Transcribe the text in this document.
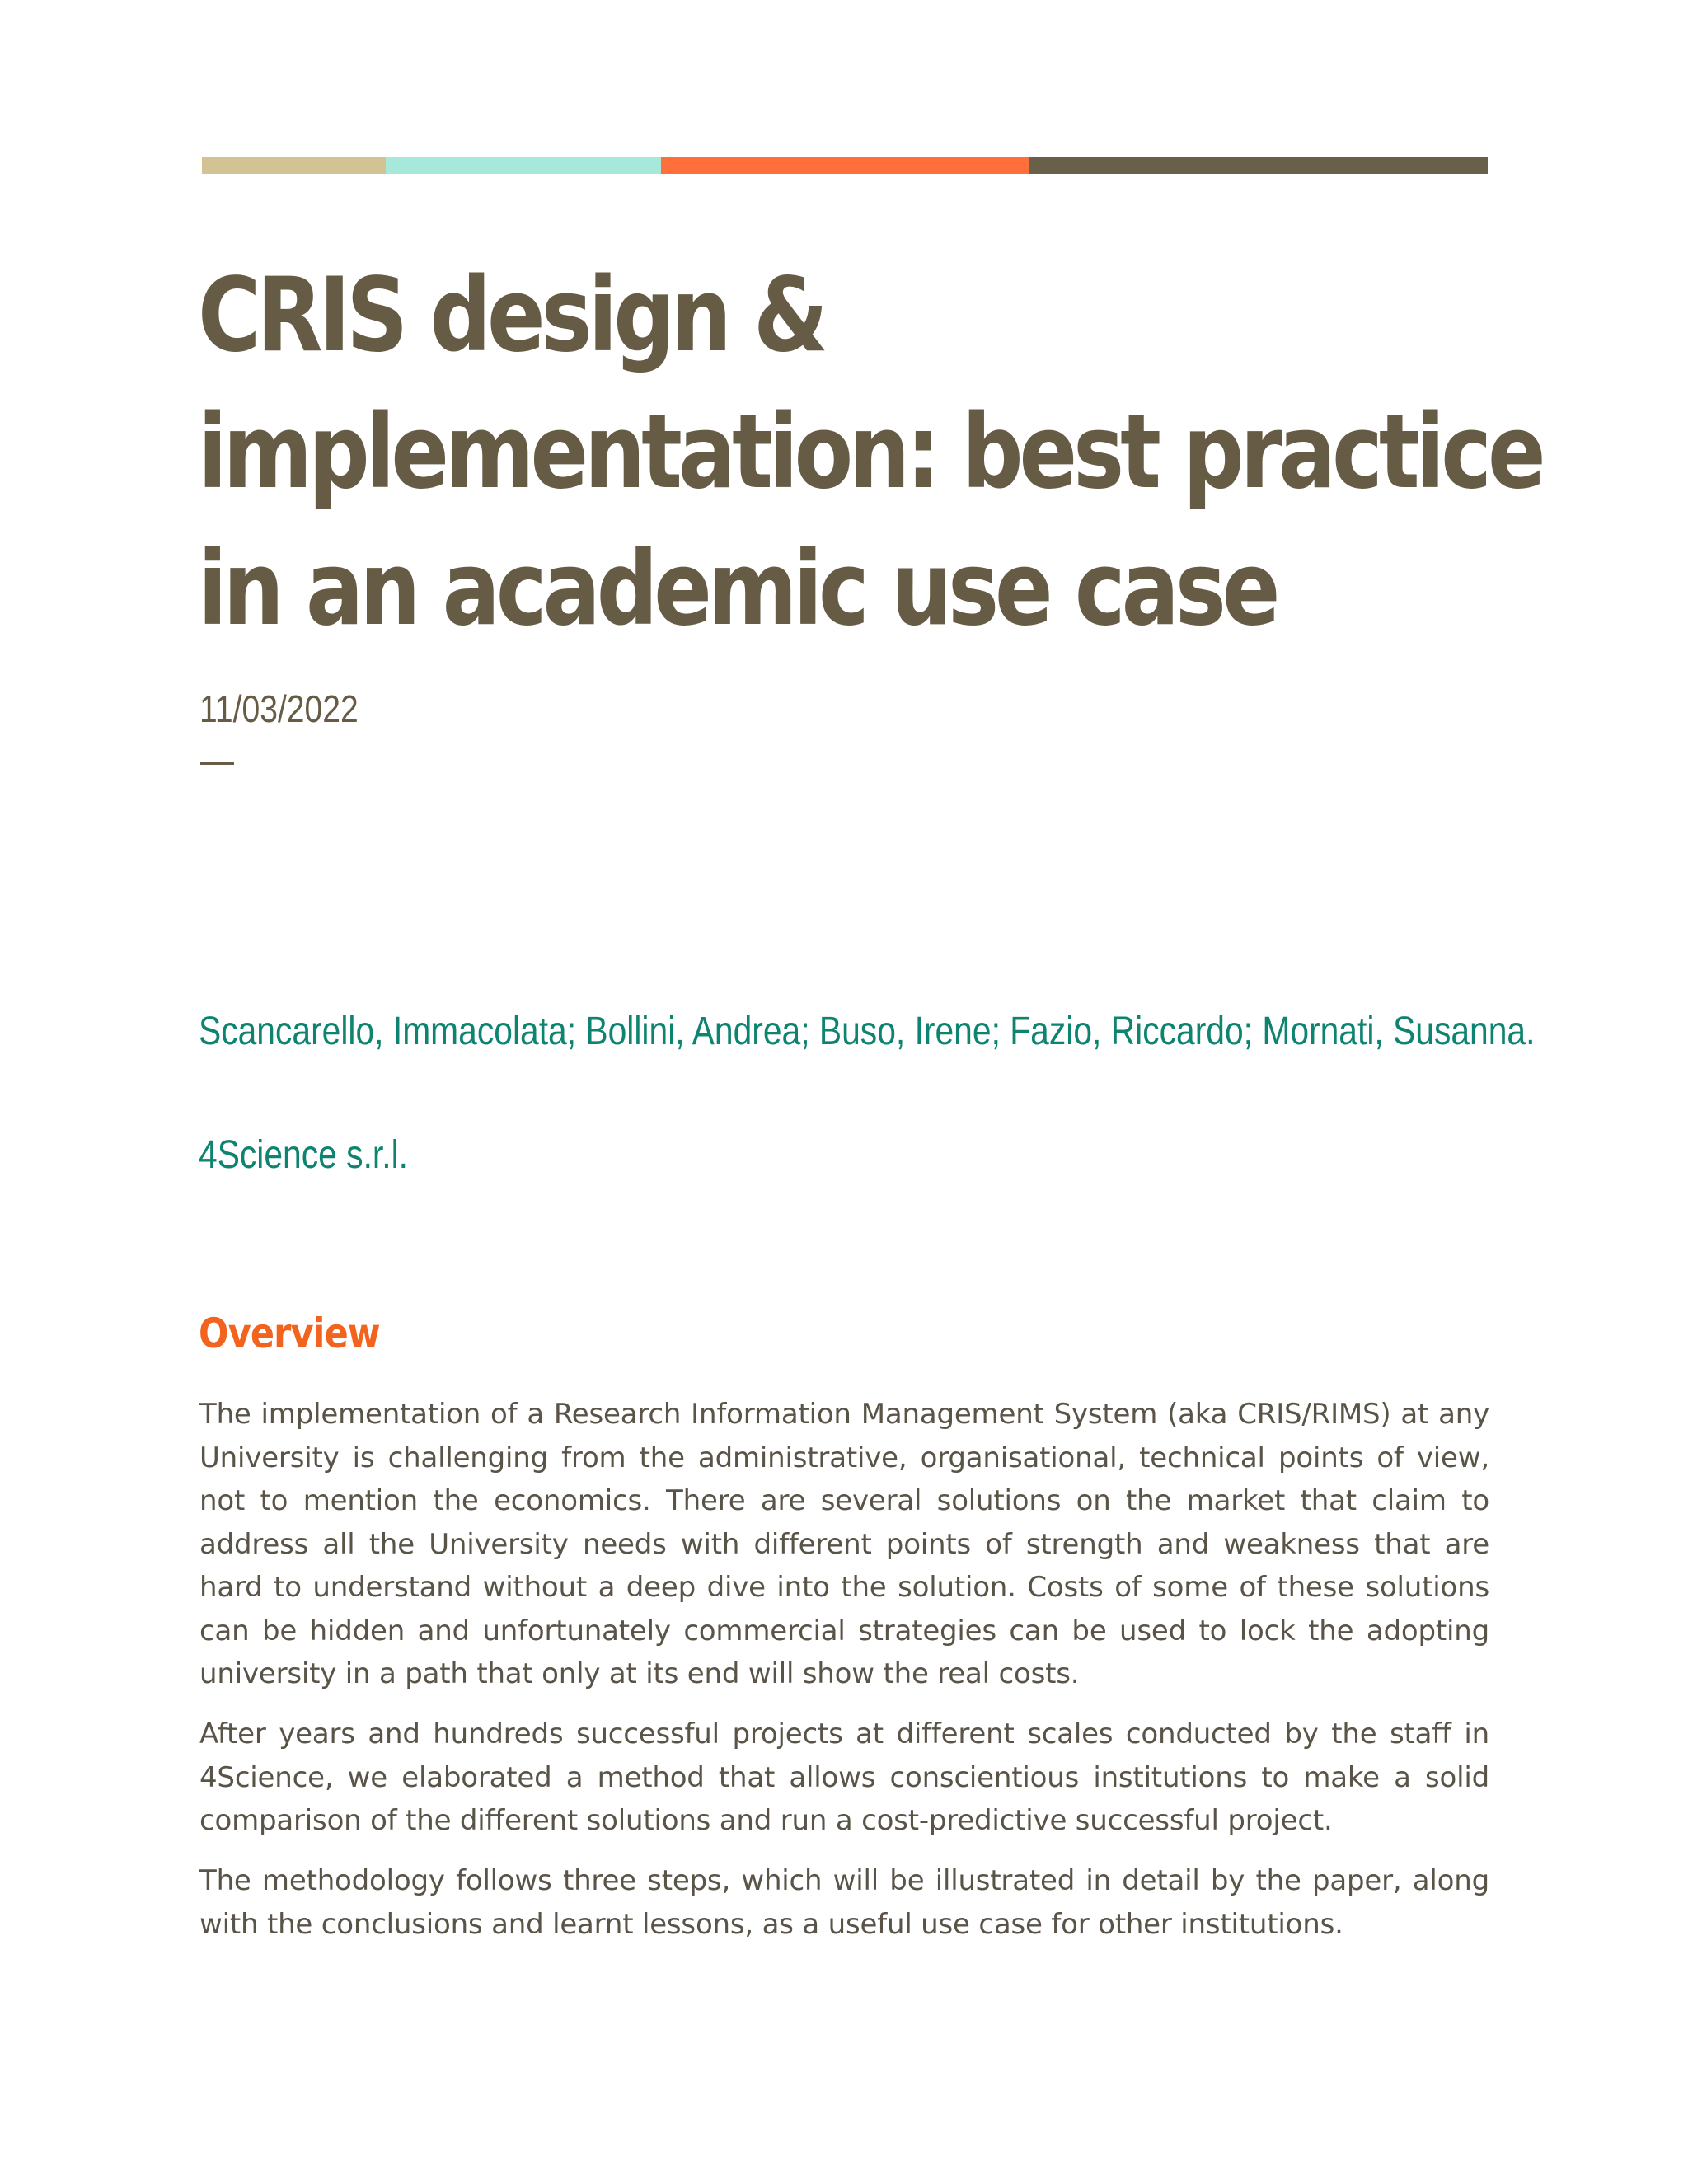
CRIS design &
implementation: best practice
in an academic use case

11/03/2022

Scancarello, Immacolata; Bollini, Andrea; Buso, Irene; Fazio, Riccardo; Mornati, Susanna.

4Science s.r.l.

Overview

The implementation of a Research Information Management System (aka CRIS/RIMS) at any University is challenging from the administrative, organisational, technical points of view, not to mention the economics. There are several solutions on the market that claim to address all the University needs with different points of strength and weakness that are hard to understand without a deep dive into the solution. Costs of some of these solutions can be hidden and unfortunately commercial strategies can be used to lock the adopting university in a path that only at its end will show the real costs.

After years and hundreds successful projects at different scales conducted by the staff in 4Science, we elaborated a method that allows conscientious institutions to make a solid comparison of the different solutions and run a cost-predictive successful project.

The methodology follows three steps, which will be illustrated in detail by the paper, along with the conclusions and learnt lessons, as a useful use case for other institutions.
